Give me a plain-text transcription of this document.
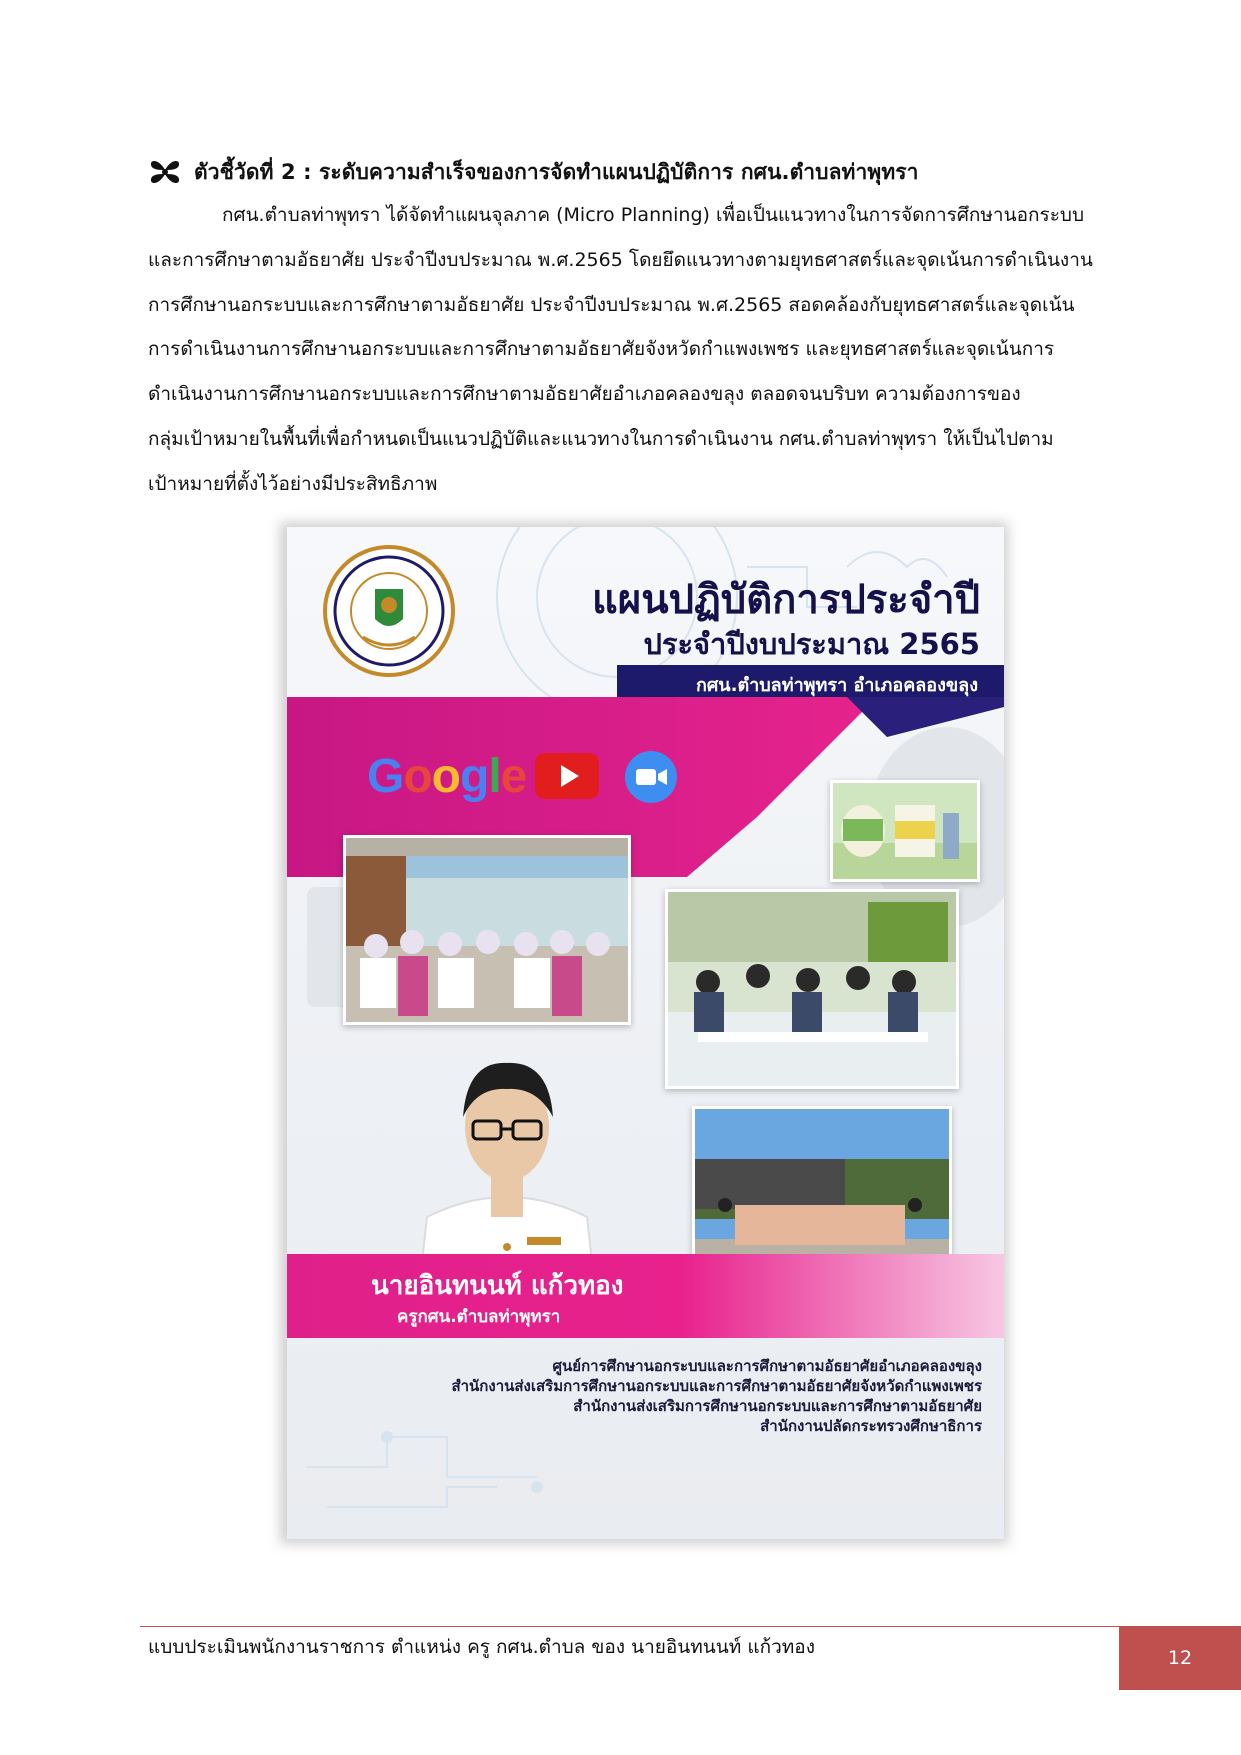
ตัวชี้วัดที่ 2 : ระดับความสำเร็จของการจัดทำแผนปฏิบัติการ กศน.ตำบลท่าพุทรา

กศน.ตำบลท่าพุทรา ได้จัดทำแผนจุลภาค (Micro Planning) เพื่อเป็นแนวทางในการจัดการศึกษานอกระบบ

และการศึกษาตามอัธยาศัย ประจำปีงบประมาณ พ.ศ.2565 โดยยึดแนวทางตามยุทธศาสตร์และจุดเน้นการดำเนินงาน

การศึกษานอกระบบและการศึกษาตามอัธยาศัย ประจำปีงบประมาณ พ.ศ.2565 สอดคล้องกับยุทธศาสตร์และจุดเน้น

การดำเนินงานการศึกษานอกระบบและการศึกษาตามอัธยาศัยจังหวัดกำแพงเพชร และยุทธศาสตร์และจุดเน้นการ

ดำเนินงานการศึกษานอกระบบและการศึกษาตามอัธยาศัยอำเภอคลองขลุง ตลอดจนบริบท ความต้องการของ

กลุ่มเป้าหมายในพื้นที่เพื่อกำหนดเป็นแนวปฏิบัติและแนวทางในการดำเนินงาน กศน.ตำบลท่าพุทรา ให้เป็นไปตาม

เป้าหมายที่ตั้งไว้อย่างมีประสิทธิภาพ

แผนปฏิบัติการประจำปี
ประจำปีงบประมาณ 2565
กศน.ตำบลท่าพุทรา อำเภอคลองขลุง
Google
นายอินทนนท์ แก้วทอง
ครูกศน.ตำบลท่าพุทรา
ศูนย์การศึกษานอกระบบและการศึกษาตามอัธยาศัยอำเภอคลองขลุง
สำนักงานส่งเสริมการศึกษานอกระบบและการศึกษาตามอัธยาศัยจังหวัดกำแพงเพชร
สำนักงานส่งเสริมการศึกษานอกระบบและการศึกษาตามอัธยาศัย
สำนักงานปลัดกระทรวงศึกษาธิการ
แบบประเมินพนักงานราชการ ตำแหน่ง ครู กศน.ตำบล ของ นายอินทนนท์ แก้วทอง	12
